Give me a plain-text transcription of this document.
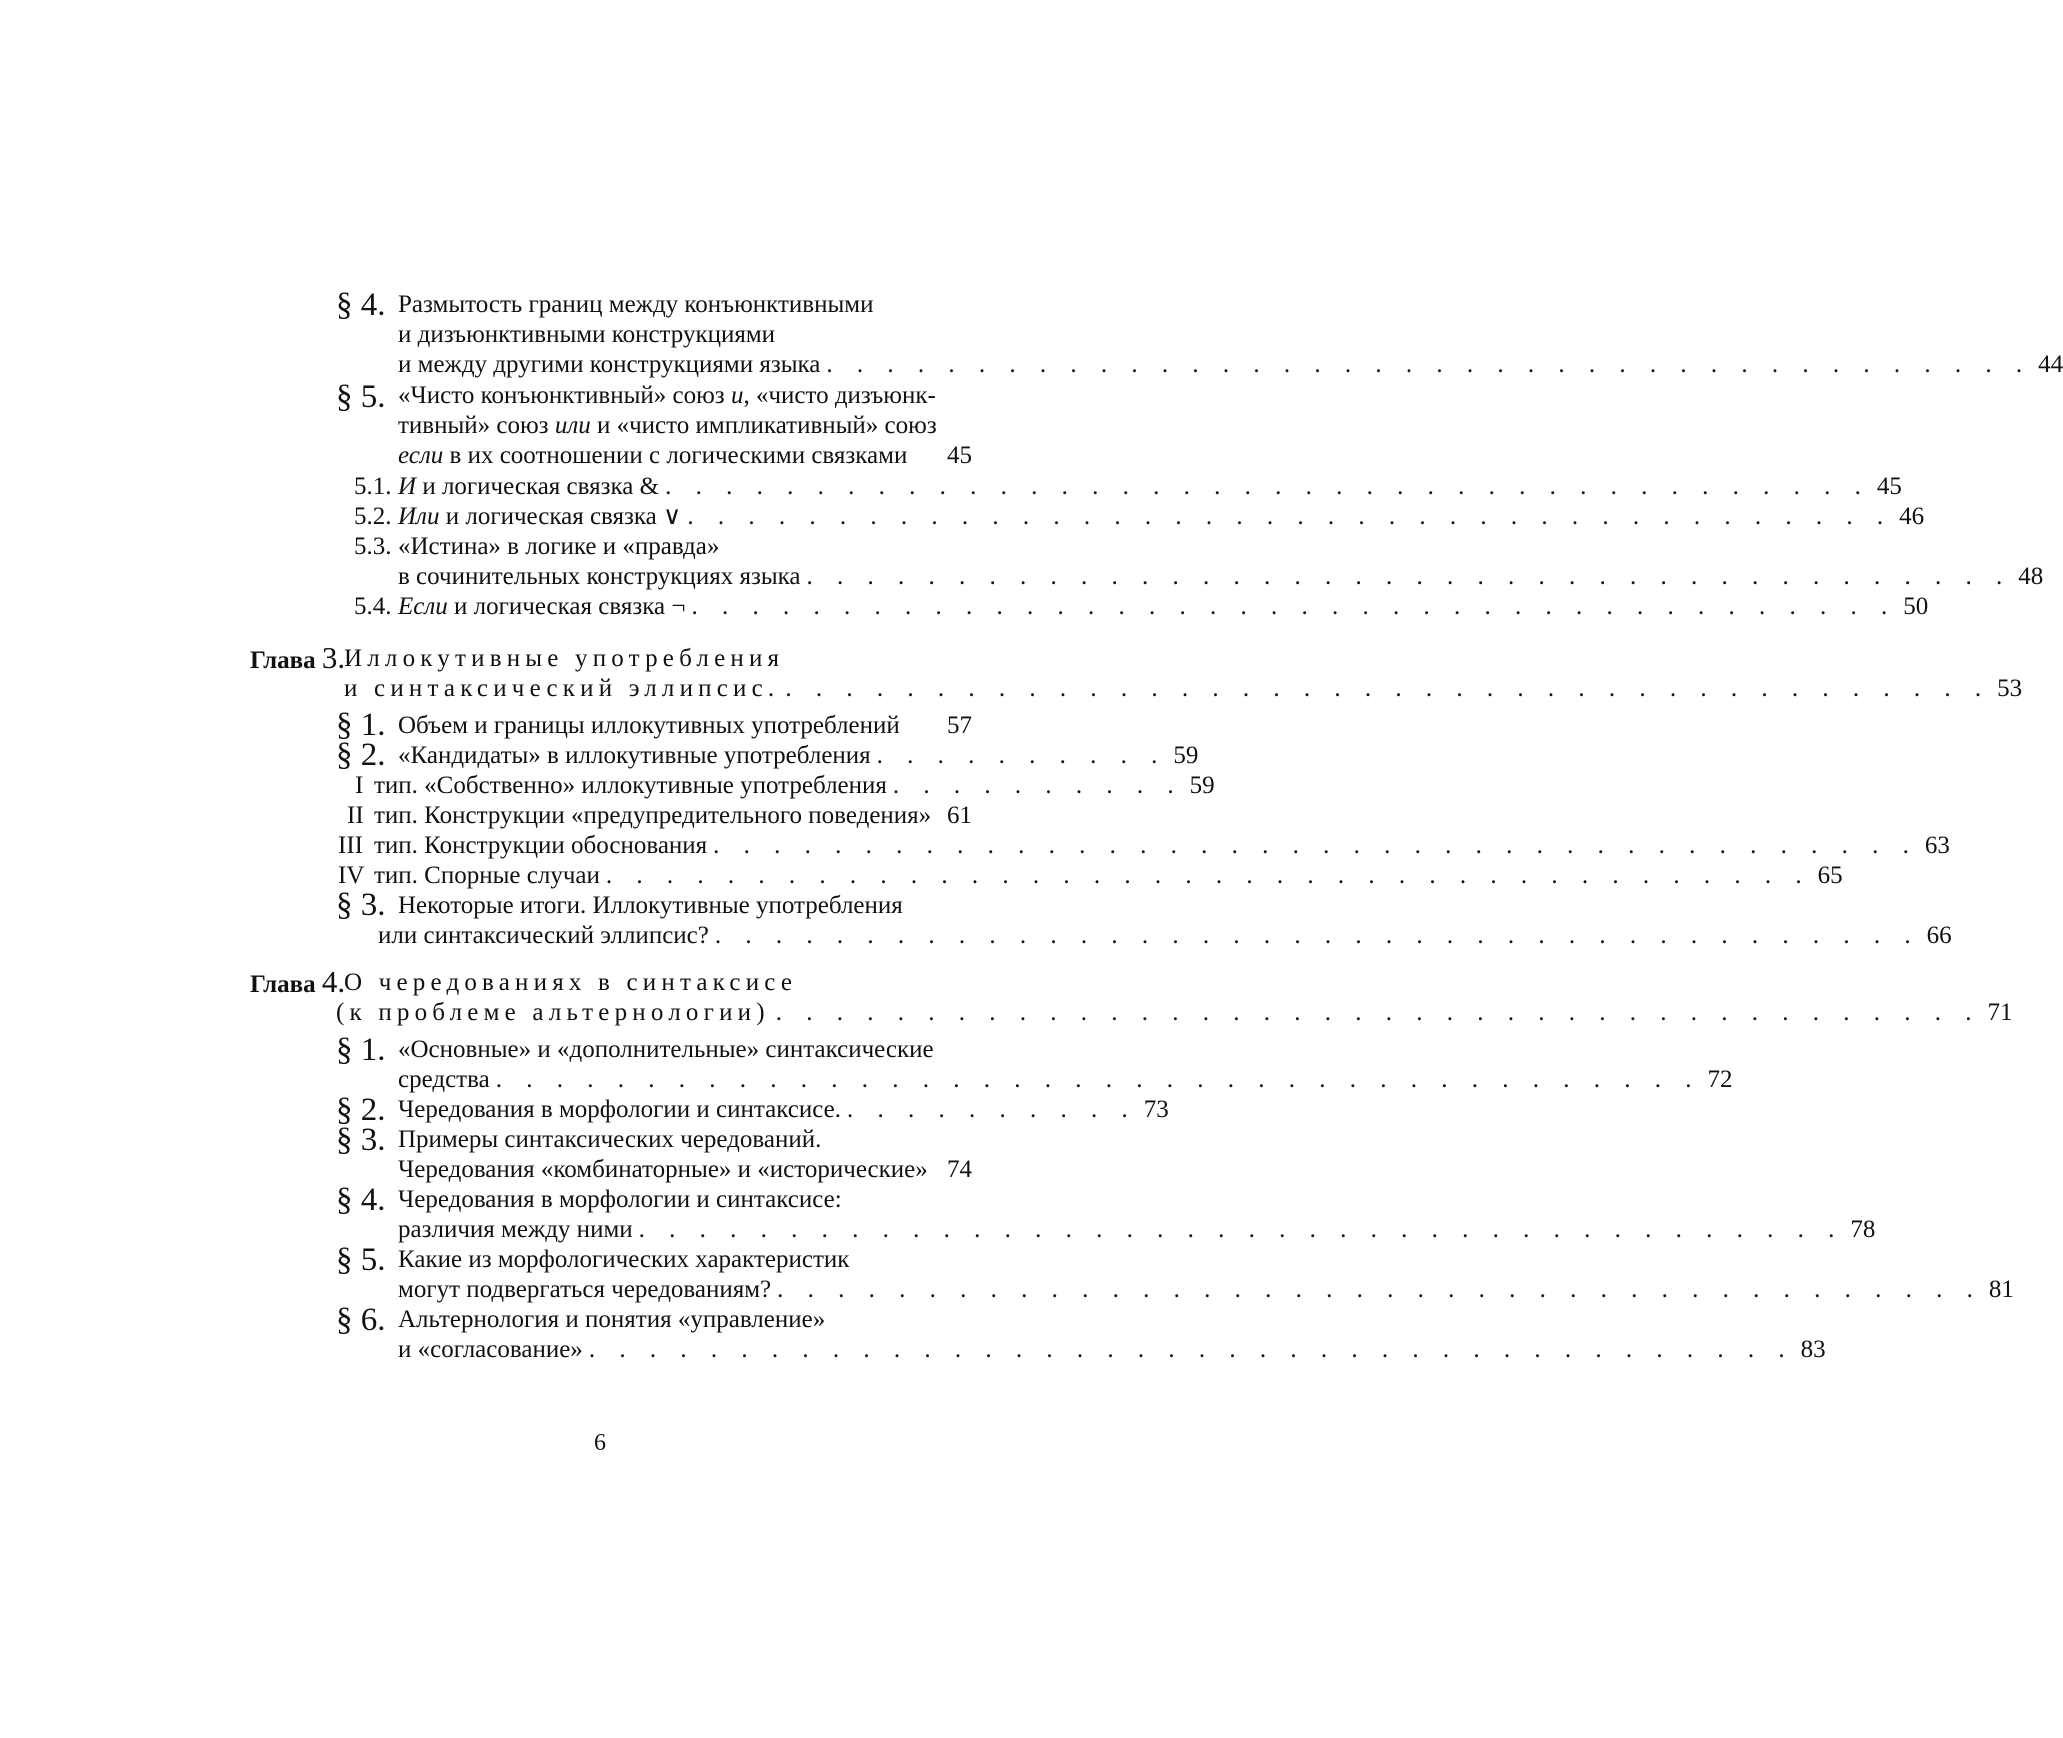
§ 4. Размытость границ между конъюнктивными
и дизъюнктивными конструкциями
и между другими конструкциями языка . . . . . . . . . . . . . . . . . . . . . . . . . . . . . . . . . . . . . . . . 44
§ 5. «Чисто конъюнктивный» союз и, «чисто дизъюнк-
тивный» союз или и «чисто импликативный» союз
если в их соотношении с логическими связками 45
5.1. И и логическая связка & . . . . . . . . . . . . . . . . . . . . . . . . . . . . . . . . . . . . . . . . 45
5.2. Или и логическая связка ∨ . . . . . . . . . . . . . . . . . . . . . . . . . . . . . . . . . . . . . . . . 46
5.3. «Истина» в логике и «правда»
в сочинительных конструкциях языка . . . . . . . . . . . . . . . . . . . . . . . . . . . . . . . . . . . . . . . . 48
5.4. Если и логическая связка ¬ . . . . . . . . . . . . . . . . . . . . . . . . . . . . . . . . . . . . . . . . 50
Глава 3.
Иллокутивные употребления
и синтаксический эллипсис. . . . . . . . . . . . . . . . . . . . . . . . . . . . . . . . . . . . . . . . . 53
§ 1. Объем и границы иллокутивных употреблений 57
§ 2. «Кандидаты» в иллокутивные употребления . . . . . . . . . . 59
I тип. «Собственно» иллокутивные употребления . . . . . . . . . . 59
II тип. Конструкции «предупредительного поведения» 61
III тип. Конструкции обоснования . . . . . . . . . . . . . . . . . . . . . . . . . . . . . . . . . . . . . . . . 63
IV тип. Спорные случаи . . . . . . . . . . . . . . . . . . . . . . . . . . . . . . . . . . . . . . . . 65
§ 3. Некоторые итоги. Иллокутивные употребления
или синтаксический эллипсис? . . . . . . . . . . . . . . . . . . . . . . . . . . . . . . . . . . . . . . . . 66
Глава 4.
О чередованиях в синтаксисе
(к проблеме альтернологии) . . . . . . . . . . . . . . . . . . . . . . . . . . . . . . . . . . . . . . . . 71
§ 1. «Основные» и «дополнительные» синтаксические
средства . . . . . . . . . . . . . . . . . . . . . . . . . . . . . . . . . . . . . . . . 72
§ 2. Чередования в морфологии и синтаксисе. . . . . . . . . . . 73
§ 3. Примеры синтаксических чередований.
Чередования «комбинаторные» и «исторические» 74
§ 4. Чередования в морфологии и синтаксисе:
различия между ними . . . . . . . . . . . . . . . . . . . . . . . . . . . . . . . . . . . . . . . . 78
§ 5. Какие из морфологических характеристик
могут подвергаться чередованиям? . . . . . . . . . . . . . . . . . . . . . . . . . . . . . . . . . . . . . . . . 81
§ 6. Альтернология и понятия «управление»
и «согласование» . . . . . . . . . . . . . . . . . . . . . . . . . . . . . . . . . . . . . . . . 83
6
